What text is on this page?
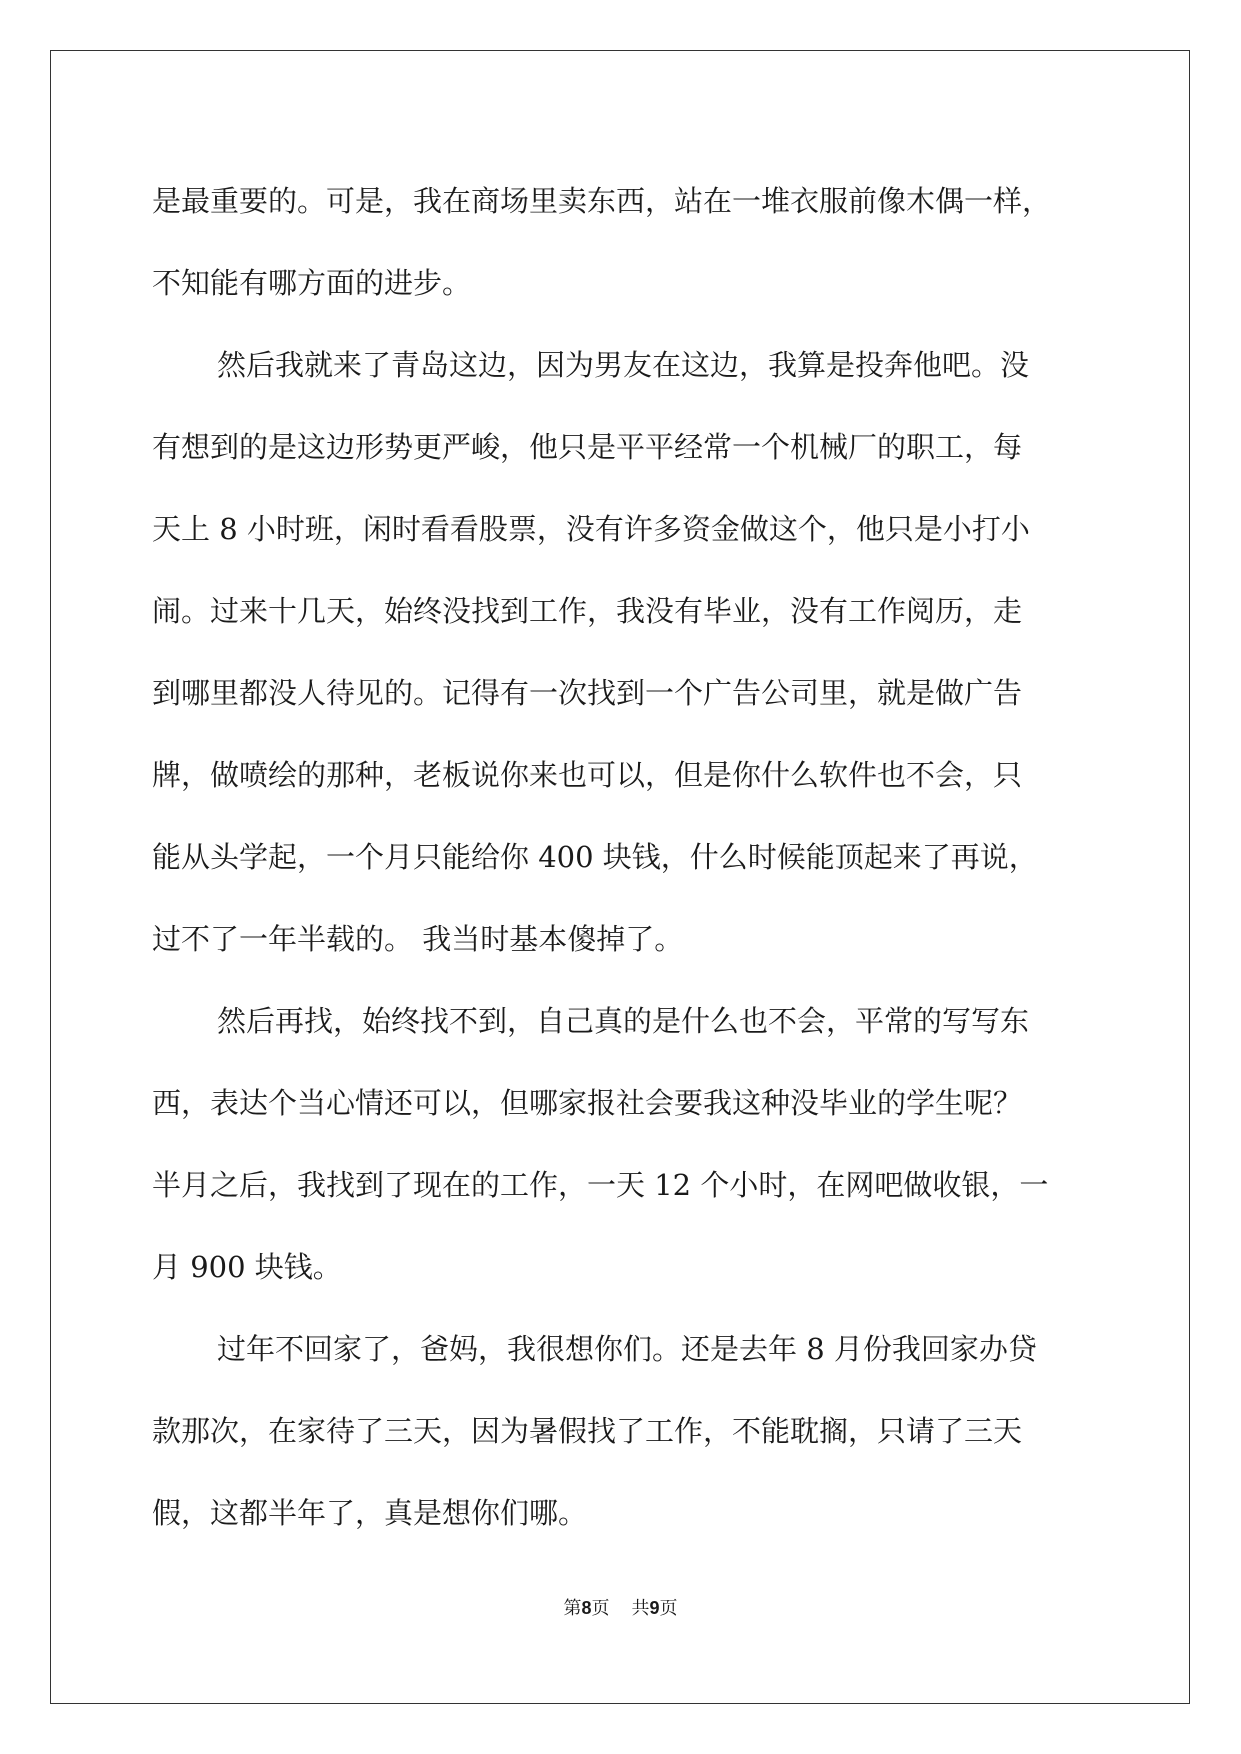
是最重要的。可是，我在商场里卖东西，站在一堆衣服前像木偶一样，
不知能有哪方面的进步。
然后我就来了青岛这边，因为男友在这边，我算是投奔他吧。没
有想到的是这边形势更严峻，他只是平平经常一个机械厂的职工，每
天上 8 小时班，闲时看看股票，没有许多资金做这个，他只是小打小
闹。过来十几天，始终没找到工作，我没有毕业，没有工作阅历，走
到哪里都没人待见的。记得有一次找到一个广告公司里，就是做广告
牌，做喷绘的那种，老板说你来也可以，但是你什么软件也不会，只
能从头学起，一个月只能给你 400 块钱，什么时候能顶起来了再说，
过不了一年半载的。 我当时基本傻掉了。
然后再找，始终找不到，自己真的是什么也不会，平常的写写东
西，表达个当心情还可以，但哪家报社会要我这种没毕业的学生呢？
半月之后，我找到了现在的工作，一天 12 个小时，在网吧做收银，一
月 900 块钱。
过年不回家了，爸妈，我很想你们。还是去年 8 月份我回家办贷
款那次，在家待了三天，因为暑假找了工作，不能耽搁，只请了三天
假，这都半年了，真是想你们哪。
第8页 共9页
